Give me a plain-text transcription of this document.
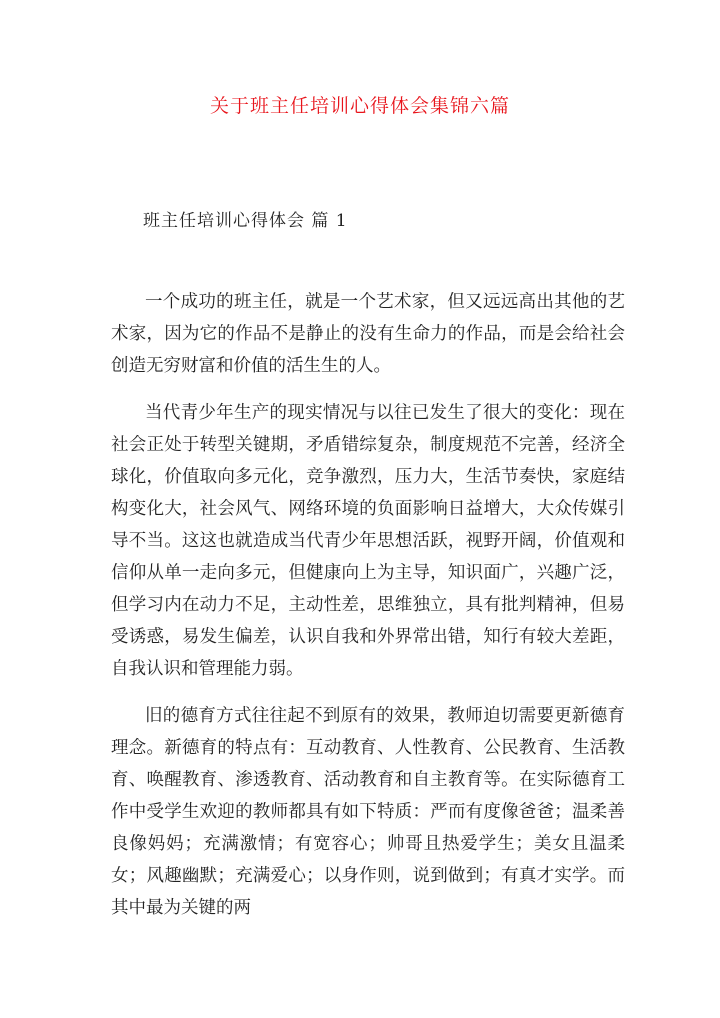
关于班主任培训心得体会集锦六篇
班主任培训心得体会 篇 1

一个成功的班主任，就是一个艺术家，但又远远高出其他的艺术家，因为它的作品不是静止的没有生命力的作品，而是会给社会创造无穷财富和价值的活生生的人。

当代青少年生产的现实情况与以往已发生了很大的变化：现在社会正处于转型关键期，矛盾错综复杂，制度规范不完善，经济全球化，价值取向多元化，竞争激烈，压力大，生活节奏快，家庭结构变化大，社会风气、网络环境的负面影响日益增大，大众传媒引导不当。这这也就造成当代青少年思想活跃，视野开阔，价值观和信仰从单一走向多元，但健康向上为主导，知识面广，兴趣广泛，但学习内在动力不足，主动性差，思维独立，具有批判精神，但易受诱惑，易发生偏差，认识自我和外界常出错，知行有较大差距，自我认识和管理能力弱。

旧的德育方式往往起不到原有的效果，教师迫切需要更新德育理念。新德育的特点有：互动教育、人性教育、公民教育、生活教育、唤醒教育、渗透教育、活动教育和自主教育等。在实际德育工作中受学生欢迎的教师都具有如下特质：严而有度像爸爸；温柔善良像妈妈；充满激情；有宽容心；帅哥且热爱学生；美女且温柔女；风趣幽默；充满爱心；以身作则，说到做到；有真才实学。而其中最为关键的两
